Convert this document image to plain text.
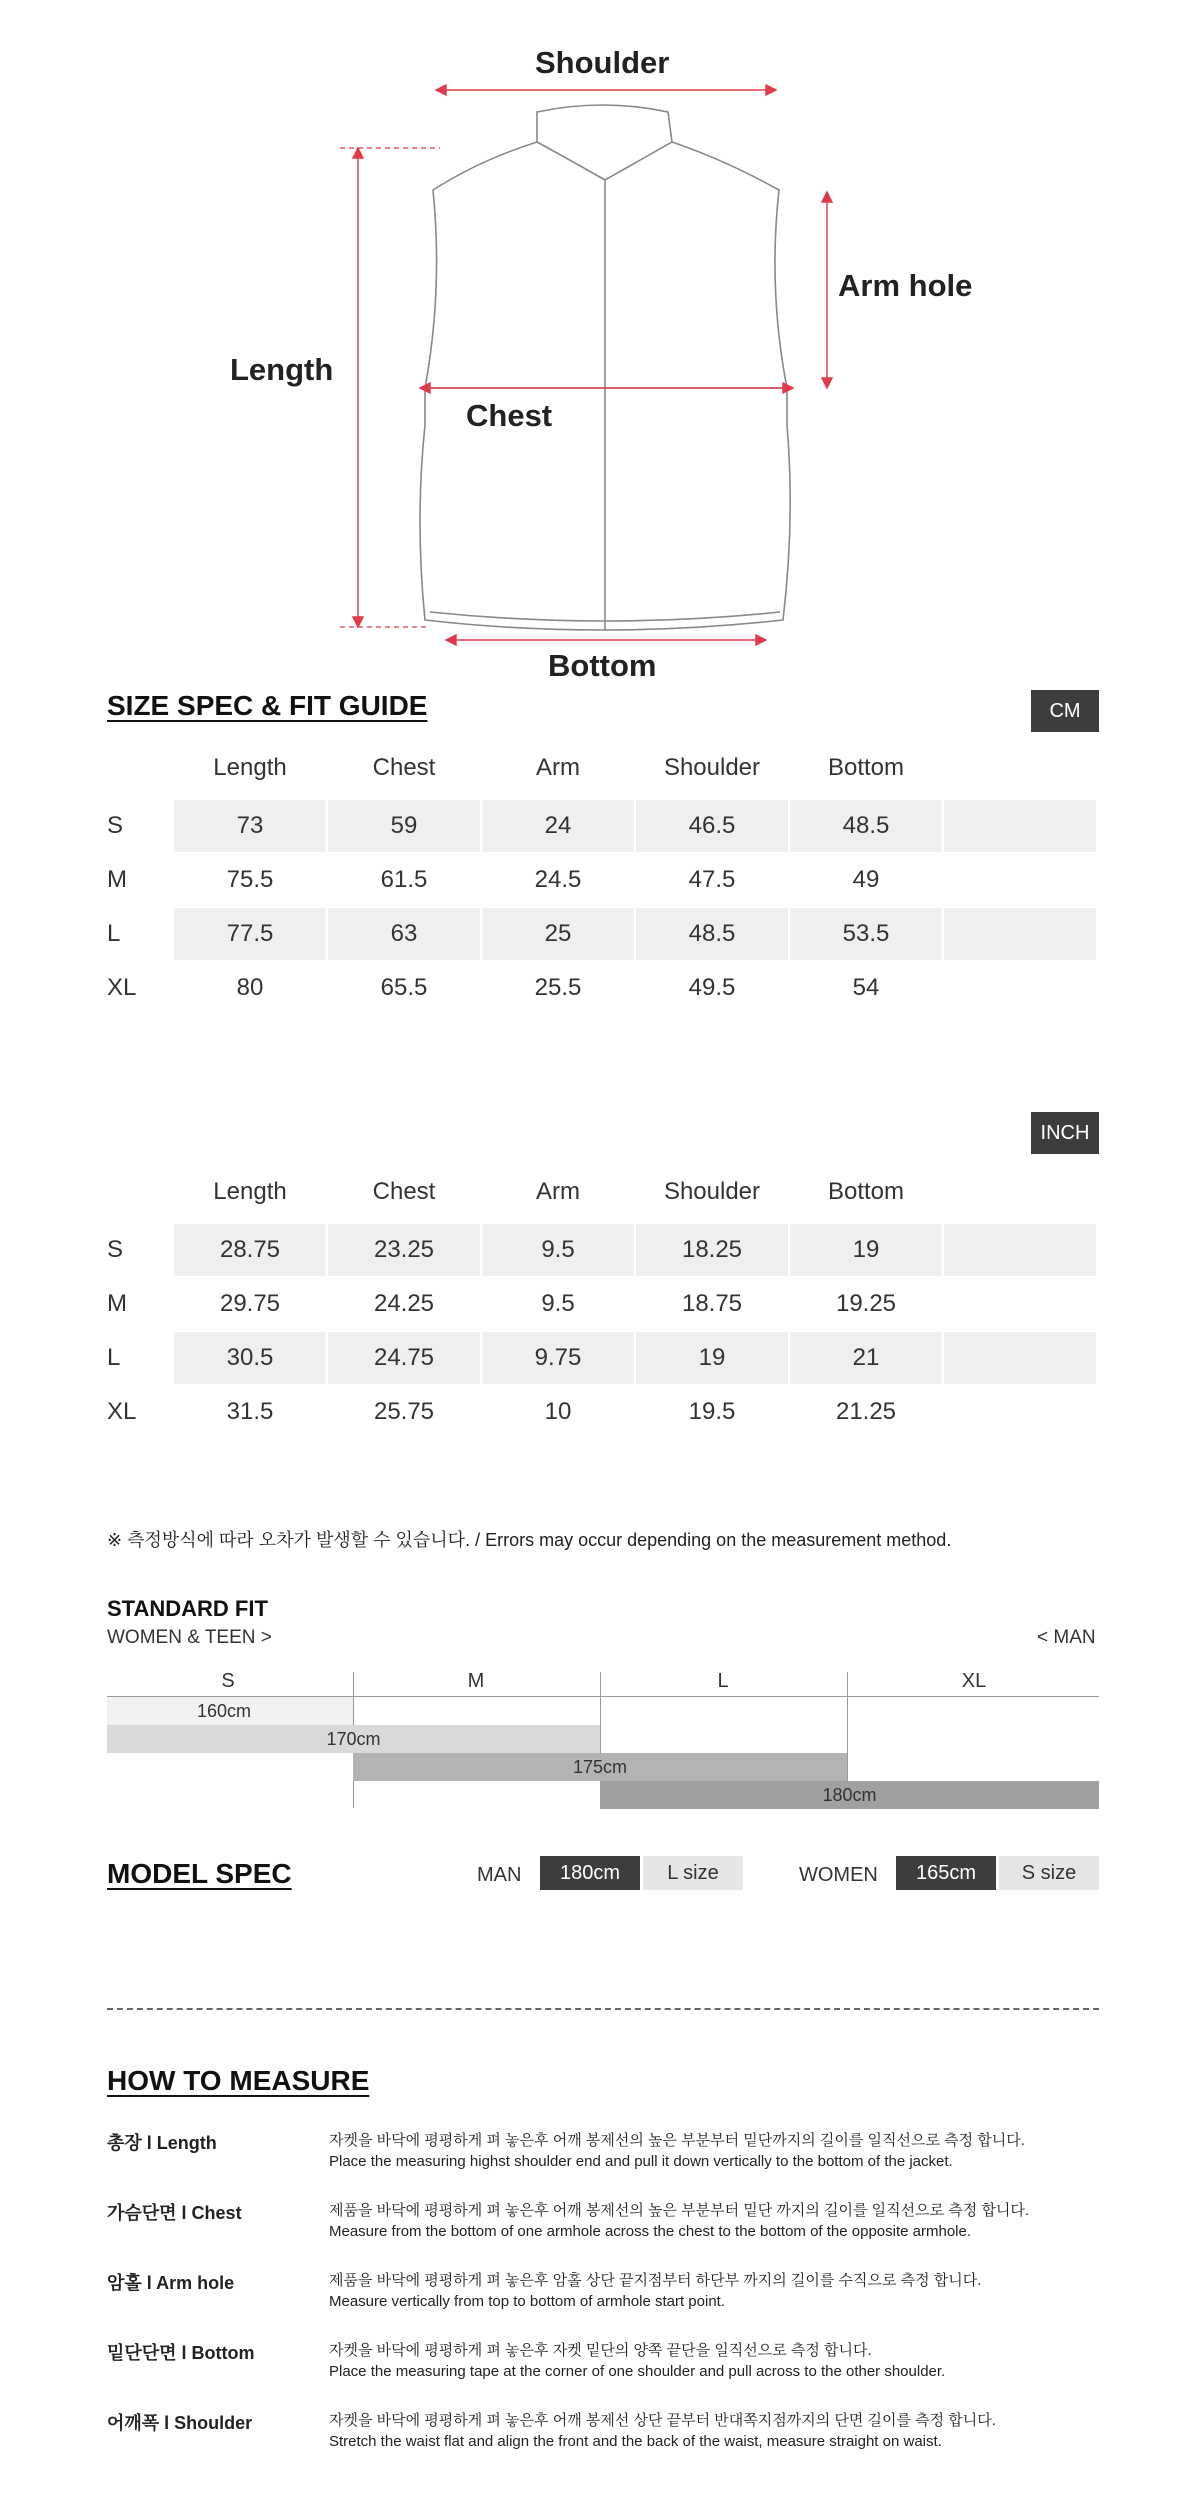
Shoulder
Arm hole
Length
Chest
Bottom
SIZE SPEC & FIT GUIDE	CM
Length	Chest	Arm	Shoulder	Bottom
S	73	59	24	46.5	48.5
M	75.5	61.5	24.5	47.5	49
L	77.5	63	25	48.5	53.5
XL	80	65.5	25.5	49.5	54
INCH
Length	Chest	Arm	Shoulder	Bottom
S	28.75	23.25	9.5	18.25	19
M	29.75	24.25	9.5	18.75	19.25
L	30.5	24.75	9.75	19	21
XL	31.5	25.75	10	19.5	21.25
※ 측정방식에 따라 오차가 발생할 수 있습니다. / Errors may occur depending on the measurement method.
STANDARD FIT
WOMEN & TEEN >	< MAN
S	M	L	XL
160cm
170cm
175cm
180cm
MODEL SPEC	MAN	180cm	L size	WOMEN	165cm	S size
HOW TO MEASURE
총장 l Length	자켓을 바닥에 평평하게 펴 놓은후 어깨 봉제선의 높은 부분부터 밑단까지의 길이를 일직선으로 측정 합니다.
Place the measuring highst shoulder end and pull it down vertically to the bottom of the jacket.
가슴단면 l Chest	제품을 바닥에 평평하게 펴 놓은후 어깨 봉제선의 높은 부분부터 밑단 까지의 길이를 일직선으로 측정 합니다.
Measure from the bottom of one armhole across the chest to the bottom of the opposite armhole.
암홀 l Arm hole	제품을 바닥에 평평하게 펴 놓은후 암홀 상단 끝지점부터 하단부 까지의 길이를 수직으로 측정 합니다.
Measure vertically from top to bottom of armhole start point.
밑단단면 l Bottom	자켓을 바닥에 평평하게 펴 놓은후 자켓 밑단의 양쪽 끝단을 일직선으로 측정 합니다.
Place the measuring tape at the corner of one shoulder and pull across to the other shoulder.
어깨폭 l Shoulder	자켓을 바닥에 평평하게 펴 놓은후 어깨 봉제선 상단 끝부터 반대쪽지점까지의 단면 길이를 측정 합니다.
Stretch the waist flat and align the front and the back of the waist, measure straight on waist.
